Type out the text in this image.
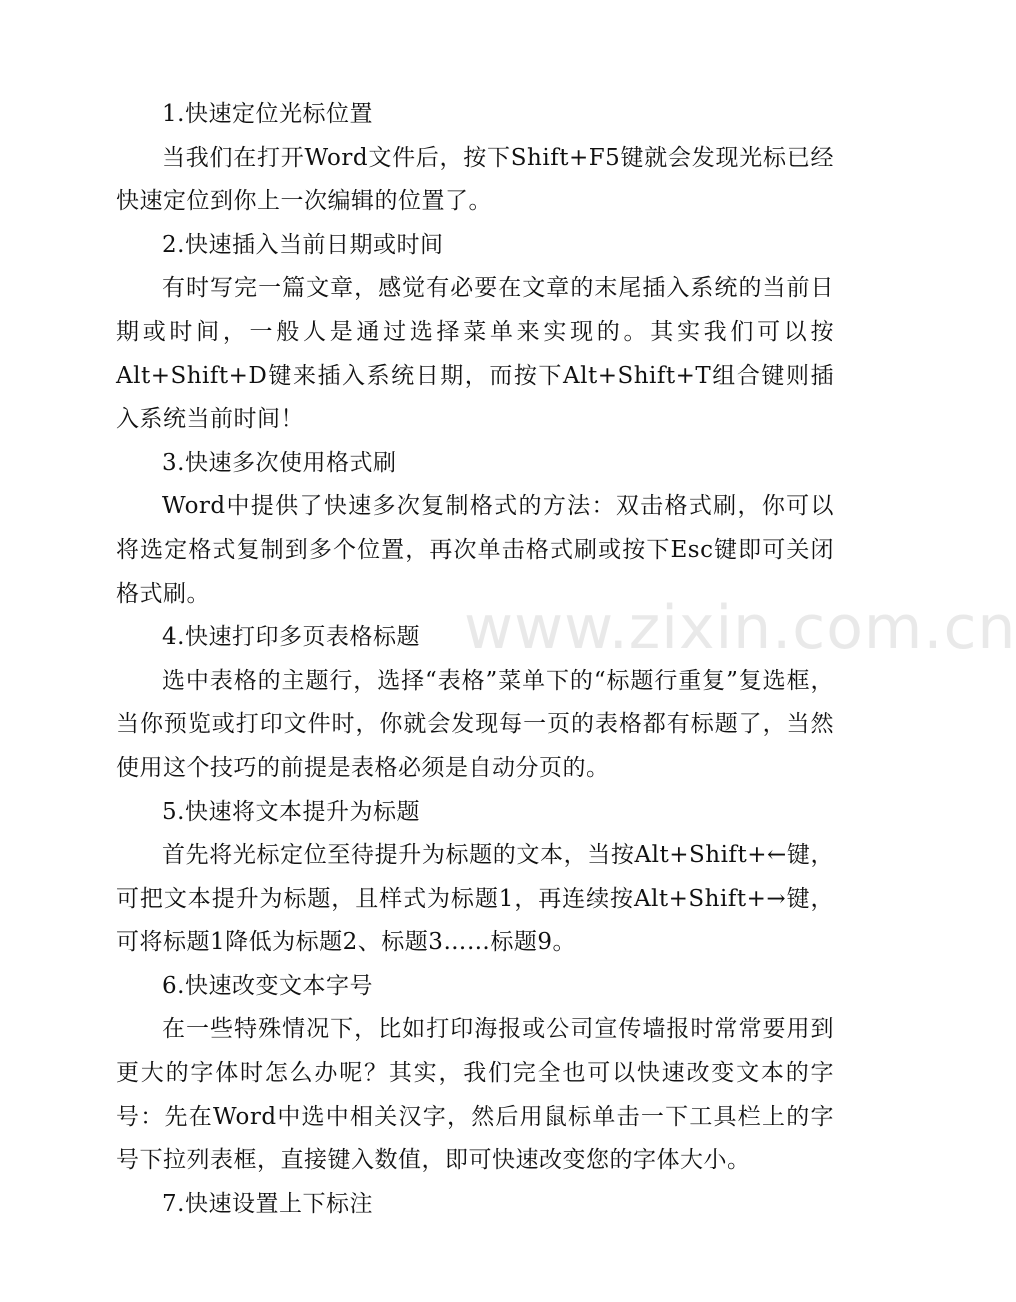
www.zixin.com.cn

1.快速定位光标位置

当我们在打开Word文件后，按下Shift+F5键就会发现光标已经快速定位到你上一次编辑的位置了。

2.快速插入当前日期或时间

有时写完一篇文章，感觉有必要在文章的末尾插入系统的当前日期或时间，一般人是通过选择菜单来实现的。其实我们可以按Alt+Shift+D键来插入系统日期，而按下Alt+Shift+T组合键则插入系统当前时间！

3.快速多次使用格式刷

Word中提供了快速多次复制格式的方法：双击格式刷，你可以将选定格式复制到多个位置，再次单击格式刷或按下Esc键即可关闭格式刷。

4.快速打印多页表格标题

选中表格的主题行，选择“表格”菜单下的“标题行重复”复选框，当你预览或打印文件时，你就会发现每一页的表格都有标题了，当然使用这个技巧的前提是表格必须是自动分页的。

5.快速将文本提升为标题

首先将光标定位至待提升为标题的文本，当按Alt+Shift+←键，可把文本提升为标题，且样式为标题1，再连续按Alt+Shift+→键，可将标题1降低为标题2、标题3……标题9。

6.快速改变文本字号

在一些特殊情况下，比如打印海报或公司宣传墙报时常常要用到更大的字体时怎么办呢？其实，我们完全也可以快速改变文本的字号：先在Word中选中相关汉字，然后用鼠标单击一下工具栏上的字号下拉列表框，直接键入数值，即可快速改变您的字体大小。

7.快速设置上下标注
